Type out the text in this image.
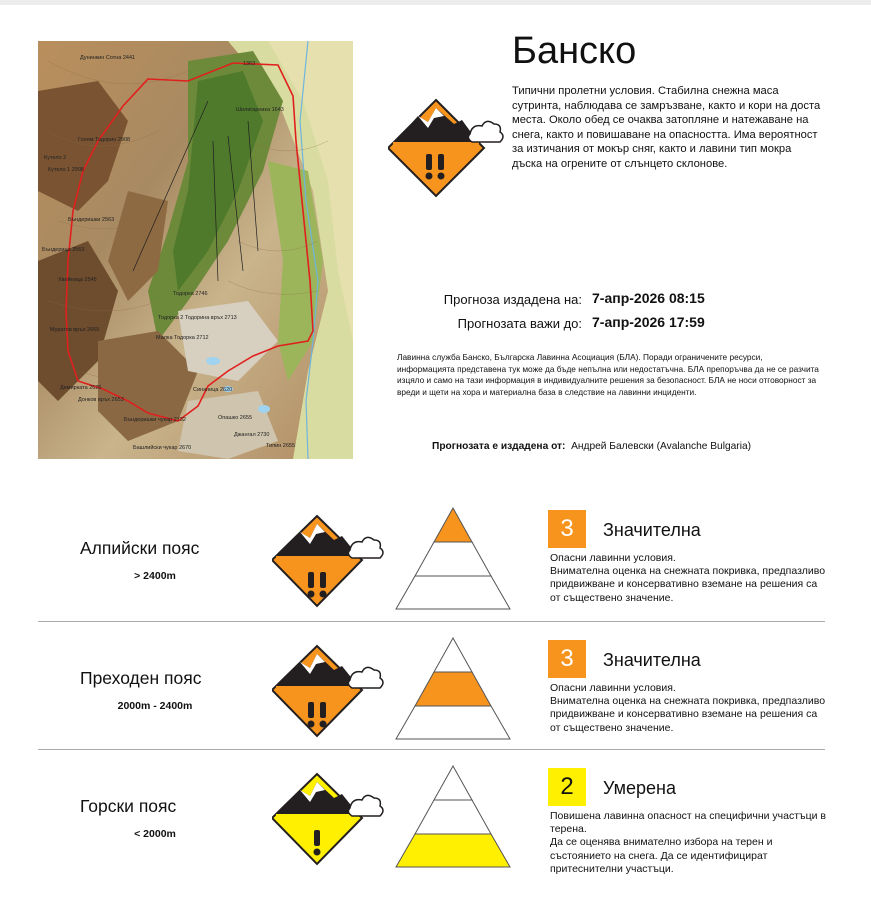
Дунинкин Сотна 2441
1363
Шилигарника 1643
Голям Тодорин 2908
Кутело 2
Кутело 1 2908
Бъндеришки 2563
Хвойница 2545
Бъндерица 2563
Муратов връх 2669
Тодорка 2746
Тодорка 2 Тодорина връх 2713
Малка Тодорка 2712
Демирката 2626	Синаница 2620
Донков връх 2653
Бъндеришки чукар 2732	Опашко 2655
Башлийски чукар 2670	Типин 2655
Джангал 2730
Банско
Типични пролетни условия. Стабилна снежна маса сутринта, наблюдава се замръзване, както и кори на доста места. Около обед се очаква затопляне и натежаване на снега, както и повишаване на опасността. Има вероятност за изтичания от мокър сняг, както и лавини тип мокра дъска на огрените от слънцето склонове.
Прогноза издадена на: 7-апр-2026 08:15
Прогнозата важи до: 7-апр-2026 17:59
Лавинна служба Банско, Българска Лавинна Асоциация (БЛА). Поради ограничените ресурси, информацията представена тук може да бъде непълна или недостатъчна. БЛА препоръчва да не се разчита изцяло и само на тази информация в индивидуалните решения за безопасност. БЛА не носи отговорност за вреди и щети на хора и материална база в следствие на лавинни инциденти.
Прогнозата е издадена от: Андрей Балевски (Avalanche Bulgaria)
Алпийски пояс
> 2400m
3	Значителна
Опасни лавинни условия.
Внимателна оценка на снежната покривка, предпазливо придвижване и консервативно вземане на решения са от съществено значение.
Преходен пояс
2000m - 2400m
3	Значителна
Опасни лавинни условия.
Внимателна оценка на снежната покривка, предпазливо придвижване и консервативно вземане на решения са от съществено значение.
Горски пояс
< 2000m
2	Умерена
Повишена лавинна опасност на специфични участъци в терена.
Да се оценява внимателно избора на терен и състоянието на снега. Да се идентифицират притеснителни участъци.
